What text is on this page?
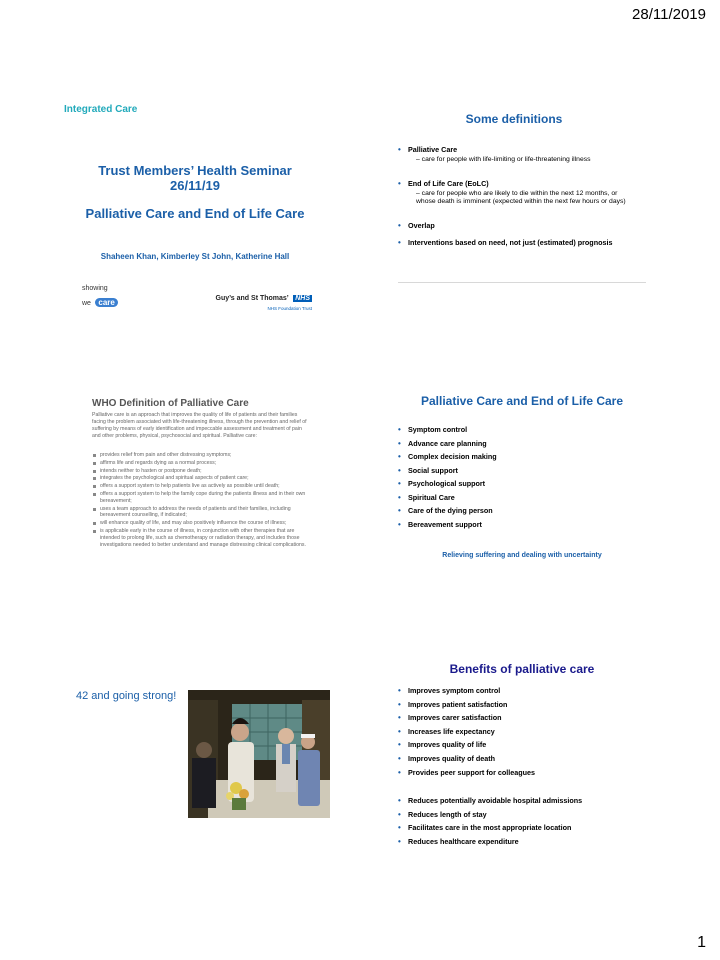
28/11/2019
1
Integrated Care
Trust Members’ Health Seminar
26/11/19
Palliative Care and End of Life Care
Shaheen Khan, Kimberley St John, Katherine Hall
Some definitions
• Palliative Care
– care for people with life-limiting or life-threatening illness
• End of Life Care (EoLC)
– care for people who are likely to die within the next 12 months, or whose death is imminent (expected within the next few hours or days)
• Overlap
• Interventions based on need, not just (estimated) prognosis
showing
we care	Guy’s and St Thomas’ NHS
NHS Foundation Trust
WHO Definition of Palliative Care
Palliative care is an approach that improves the quality of life of patients and their families facing the problem associated with life-threatening illness, through the prevention and relief of suffering by means of early identification and impeccable assessment and treatment of pain and other problems, physical, psychosocial and spiritual. Palliative care:
provides relief from pain and other distressing symptoms;
affirms life and regards dying as a normal process;
intends neither to hasten or postpone death;
integrates the psychological and spiritual aspects of patient care;
offers a support system to help patients live as actively as possible until death;
offers a support system to help the family cope during the patients illness and in their own bereavement;
uses a team approach to address the needs of patients and their families, including bereavement counselling, if indicated;
will enhance quality of life, and may also positively influence the course of illness;
is applicable early in the course of illness, in conjunction with other therapies that are intended to prolong life, such as chemotherapy or radiation therapy, and includes those investigations needed to better understand and manage distressing clinical complications.
Palliative Care and End of Life Care
• Symptom control
• Advance care planning
• Complex decision making
• Social support
• Psychological support
• Spiritual Care
• Care of the dying person
• Bereavement support
Relieving suffering and dealing with uncertainty
42 and going strong!
Benefits of palliative care
• Improves symptom control
• Improves patient satisfaction
• Improves carer satisfaction
• Increases life expectancy
• Improves quality of life
• Improves quality of death
• Provides peer support for colleagues
• Reduces potentially avoidable hospital admissions
• Reduces length of stay
• Facilitates care in the most appropriate location
• Reduces healthcare expenditure
